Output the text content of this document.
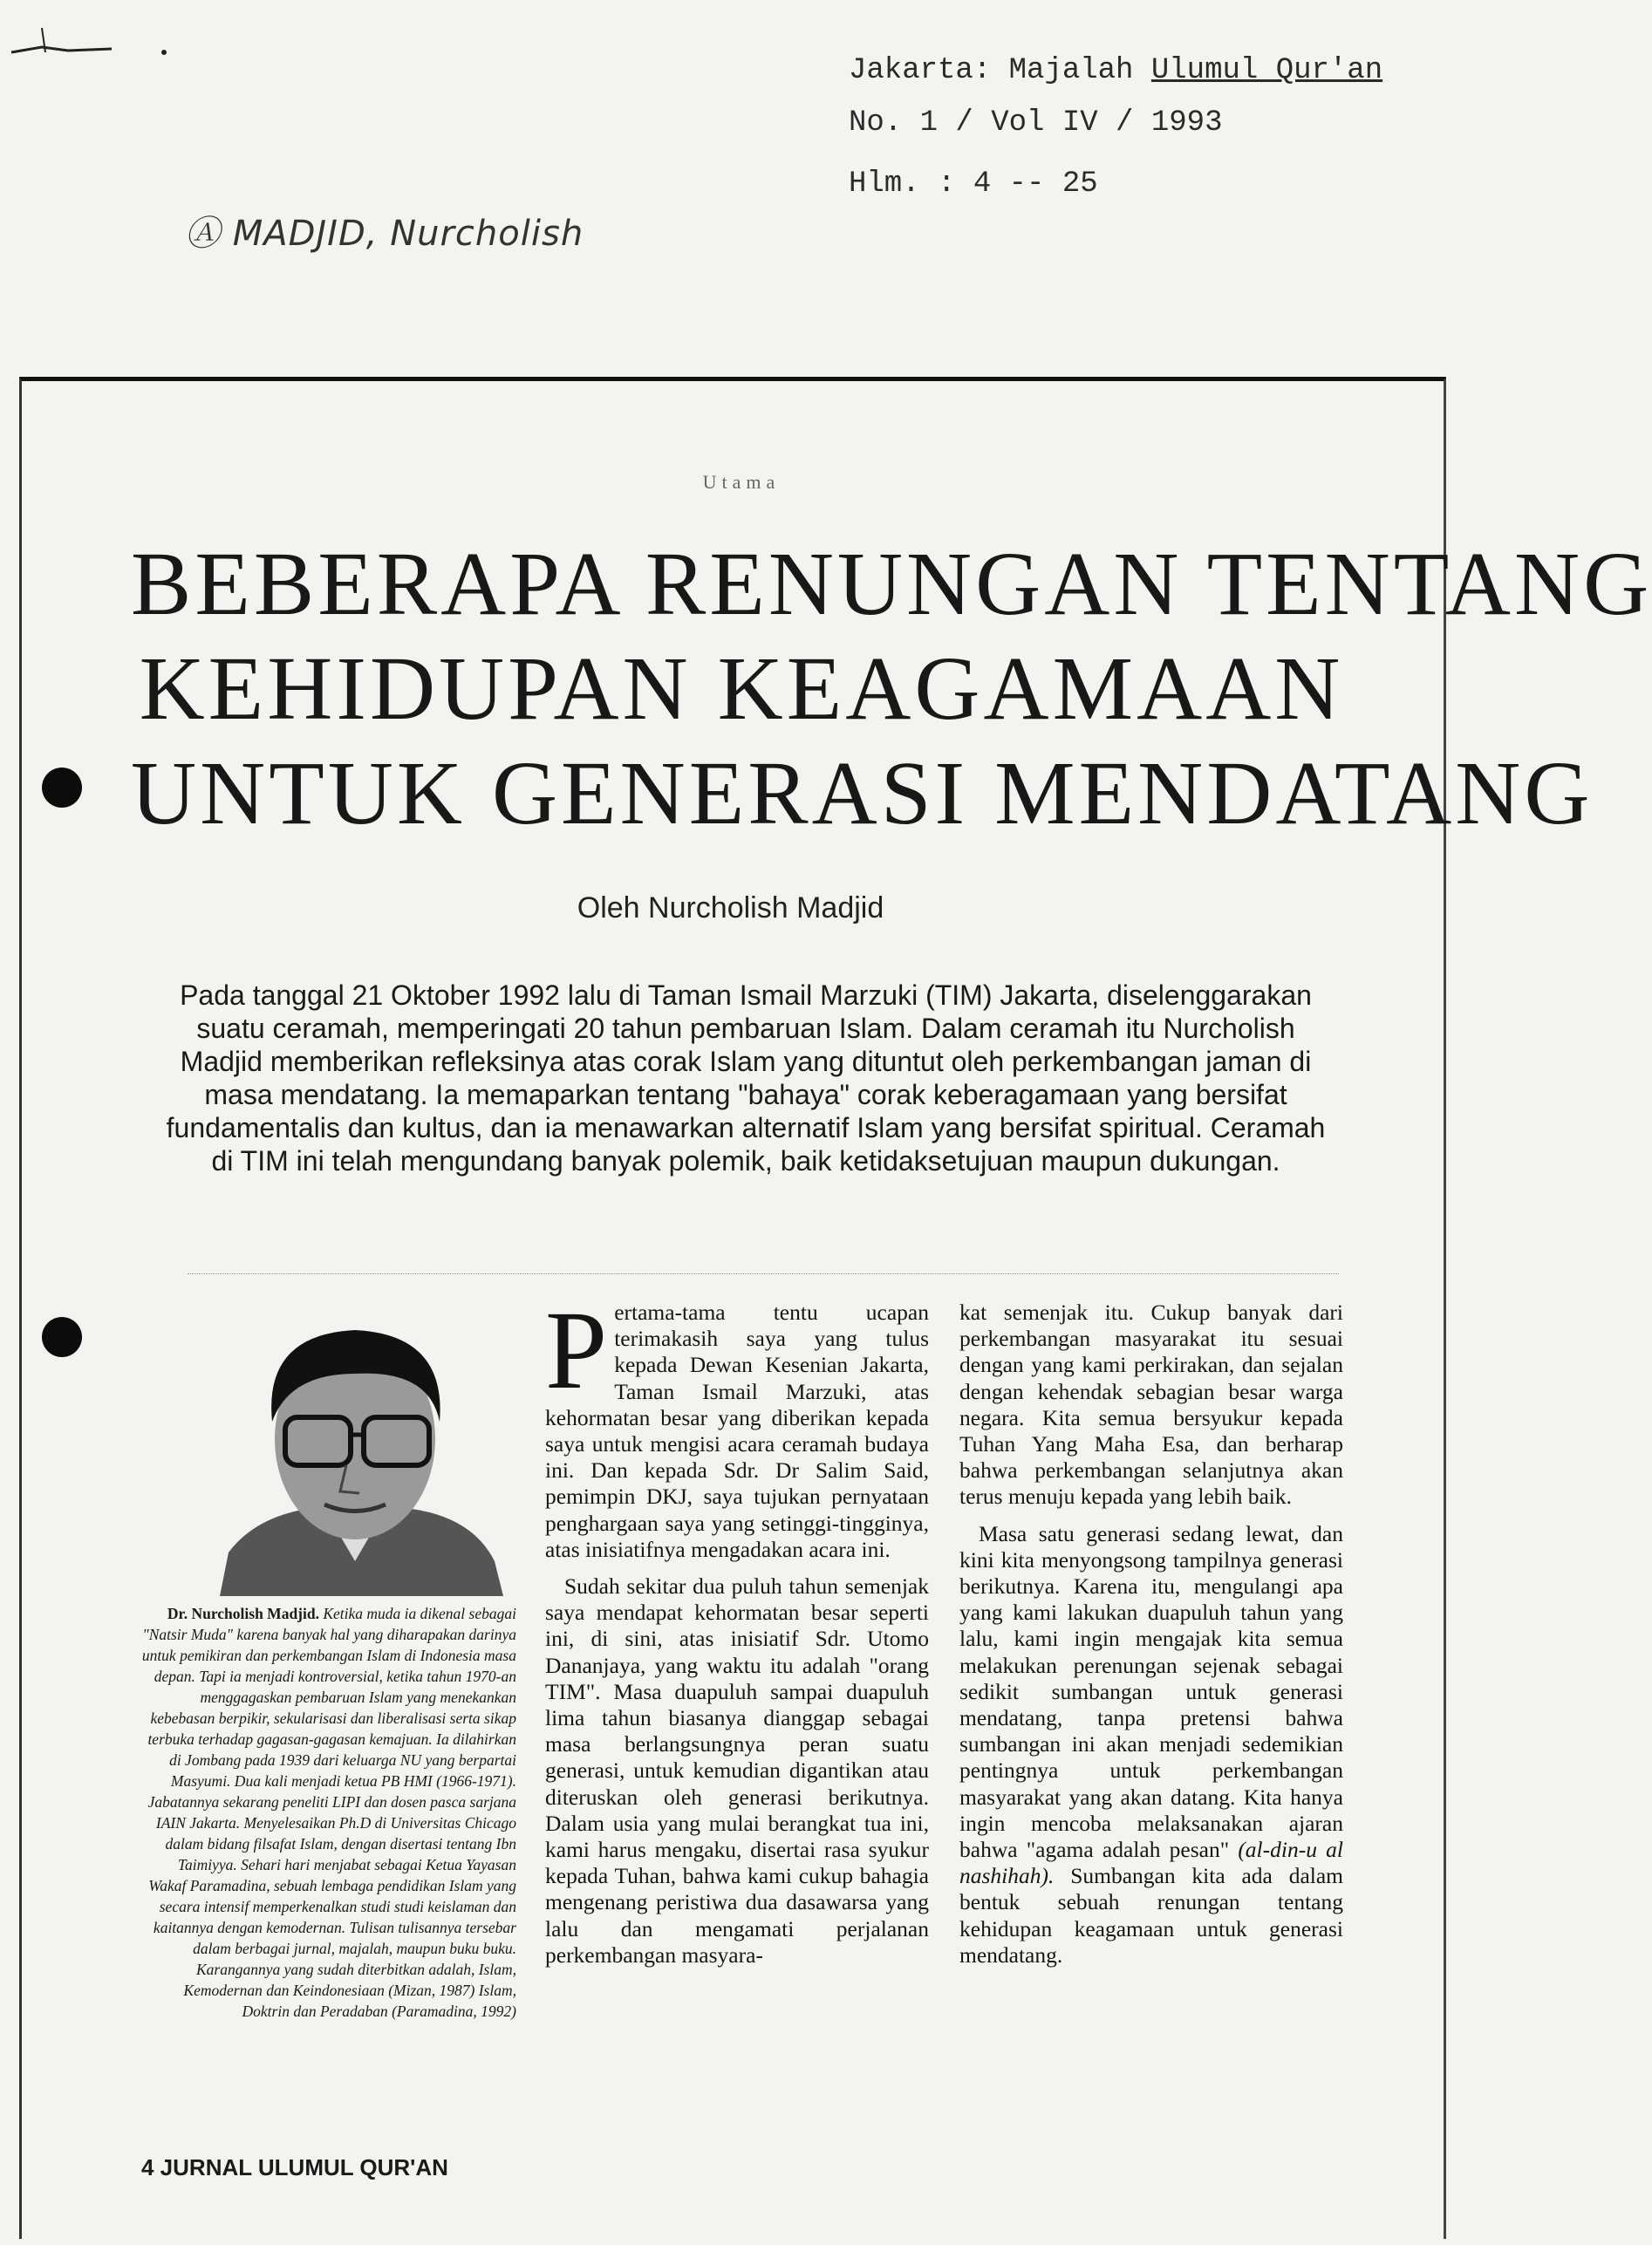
Jakarta: Majalah Ulumul Qur'an
No. 1 / Vol IV / 1993
Hlm. : 4 -- 25
Ⓐ MADJID, Nurcholish
Utama
BEBERAPA RENUNGAN TENTANG
KEHIDUPAN KEAGAMAAN
UNTUK GENERASI MENDATANG
Oleh Nurcholish Madjid
Pada tanggal 21 Oktober 1992 lalu di Taman Ismail Marzuki (TIM) Jakarta, diselenggarakan suatu ceramah, memperingati 20 tahun pembaruan Islam. Dalam ceramah itu Nurcholish Madjid memberikan refleksinya atas corak Islam yang dituntut oleh perkembangan jaman di masa mendatang. Ia memaparkan tentang "bahaya" corak keberagamaan yang bersifat fundamentalis dan kultus, dan ia menawarkan alternatif Islam yang bersifat spiritual. Ceramah di TIM ini telah mengundang banyak polemik, baik ketidaksetujuan maupun dukungan.
Dr. Nurcholish Madjid. Ketika muda ia dikenal sebagai "Natsir Muda" karena banyak hal yang diharapakan darinya untuk pemikiran dan perkembangan Islam di Indonesia masa depan. Tapi ia menjadi kontroversial, ketika tahun 1970-an menggagaskan pembaruan Islam yang menekankan kebebasan berpikir, sekularisasi dan liberalisasi serta sikap terbuka terhadap gagasan-gagasan kemajuan. Ia dilahirkan di Jombang pada 1939 dari keluarga NU yang berpartai Masyumi. Dua kali menjadi ketua PB HMI (1966-1971). Jabatannya sekarang peneliti LIPI dan dosen pasca sarjana IAIN Jakarta. Menyelesaikan Ph.D di Universitas Chicago dalam bidang filsafat Islam, dengan disertasi tentang Ibn Taimiyya. Sehari hari menjabat sebagai Ketua Yayasan Wakaf Paramadina, sebuah lembaga pendidikan Islam yang secara intensif memperkenalkan studi studi keislaman dan kaitannya dengan kemodernan. Tulisan tulisannya tersebar dalam berbagai jurnal, majalah, maupun buku buku. Karangannya yang sudah diterbitkan adalah, Islam, Kemodernan dan Keindonesiaan (Mizan, 1987) Islam, Doktrin dan Peradaban (Paramadina, 1992)

Pertama-tama tentu ucapan terimakasih saya yang tulus kepada Dewan Kesenian Jakarta, Taman Ismail Marzuki, atas kehormatan besar yang diberikan kepada saya untuk mengisi acara ceramah budaya ini. Dan kepada Sdr. Dr Salim Said, pemimpin DKJ, saya tujukan pernyataan penghargaan saya yang setinggi-tingginya, atas inisiatifnya mengadakan acara ini.

Sudah sekitar dua puluh tahun semenjak saya mendapat kehormatan besar seperti ini, di sini, atas inisiatif Sdr. Utomo Dananjaya, yang waktu itu adalah "orang TIM". Masa duapuluh sampai duapuluh lima tahun biasanya dianggap sebagai masa berlangsungnya peran suatu generasi, untuk kemudian digantikan atau diteruskan oleh generasi berikutnya. Dalam usia yang mulai berangkat tua ini, kami harus mengaku, disertai rasa syukur kepada Tuhan, bahwa kami cukup bahagia mengenang peristiwa dua dasawarsa yang lalu dan mengamati perjalanan perkembangan masyara-

kat semenjak itu. Cukup banyak dari perkembangan masyarakat itu sesuai dengan yang kami perkirakan, dan sejalan dengan kehendak sebagian besar warga negara. Kita semua bersyukur kepada Tuhan Yang Maha Esa, dan berharap bahwa perkembangan selanjutnya akan terus menuju kepada yang lebih baik.

Masa satu generasi sedang lewat, dan kini kita menyongsong tampilnya generasi berikutnya. Karena itu, mengulangi apa yang kami lakukan duapuluh tahun yang lalu, kami ingin mengajak kita semua melakukan perenungan sejenak sebagai sedikit sumbangan untuk generasi mendatang, tanpa pretensi bahwa sumbangan ini akan menjadi sedemikian pentingnya untuk perkembangan masyarakat yang akan datang. Kita hanya ingin mencoba melaksanakan ajaran bahwa "agama adalah pesan" (al-din-u al nashihah). Sumbangan kita ada dalam bentuk sebuah renungan tentang kehidupan keagamaan untuk generasi mendatang.

4 JURNAL ULUMUL QUR'AN
